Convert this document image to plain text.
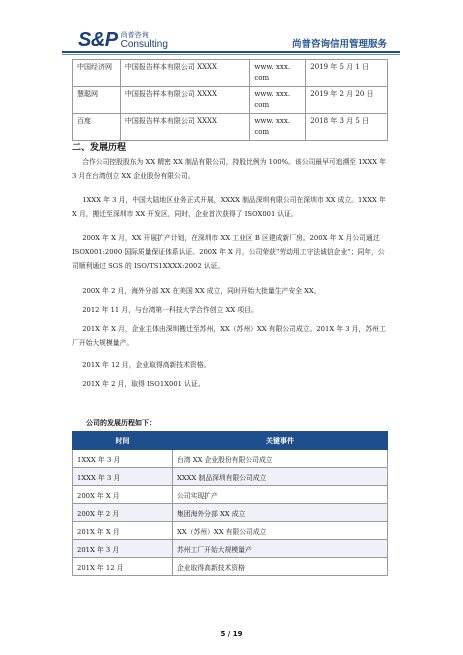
S&P 尚普咨询
Consulting	尚普咨询信用管理服务
中国经济网	中国报告样本有限公司 XXXX	www. xxx. com	2019 年 5 月 1 日
慧聪网	中国报告样本有限公司 XXXX	www. xxx. com	2019 年 2 月 20 日
百度	中国报告样本有限公司 XXXX	www. xxx. com	2018 年 3 月 5 日
二、发展历程

合作公司控股股东为 XX 精密 XX 制品有限公司，持股比例为 100%。该公司最早可追溯至 1XXX 年 3 月在台湾创立 XX 企业股份有限公司。

1XXX 年 3 月，中国大陆地区业务正式开展，XXXX 制品深圳有限公司在深圳市 XX 成立。1XXX 年 X 月，搬迁至深圳市 XX 开发区，同时，企业首次获得了 ISOX001 认证。

200X 年 X 月，XX 开展扩产计划，在深圳市 XX 工业区 B 区建成新厂房。200X 年 X 月公司通过 ISOX001:2000 国际质量保证体系认证。200X 年 X 月，公司荣获“劳动用工守法诚信企业”；同年，公司顺利通过 SGS 的 ISO/TS1XXXX:2002 认证。

200X 年 2 月，海外分部 XX 在美国 XX 成立，同时开始大批量生产安全 XX。

2012 年 11 月，与台湾第一科技大学合作创立 XX 项目。

201X 年 X 月，企业主体由深圳搬迁至苏州，XX（苏州）XX 有限公司成立。201X 年 3 月，苏州工厂开始大规模量产。

201X 年 12 月，企业取得高新技术资格。

201X 年 2 月，取得 ISO1X001 认证。

公司的发展历程如下：
时间	关键事件
1XXX 年 3 月	台湾 XX 企业股份有限公司成立
1XXX 年 3 月	XXXX 制品深圳有限公司成立
200X 年 X 月	公司实现扩产
200X 年 2 月	集团海外分部 XX 成立
201X 年 X 月	XX（苏州）XX 有限公司成立
201X 年 3 月	苏州工厂开始大规模量产
201X 年 12 月	企业取得高新技术资格
5 / 19
